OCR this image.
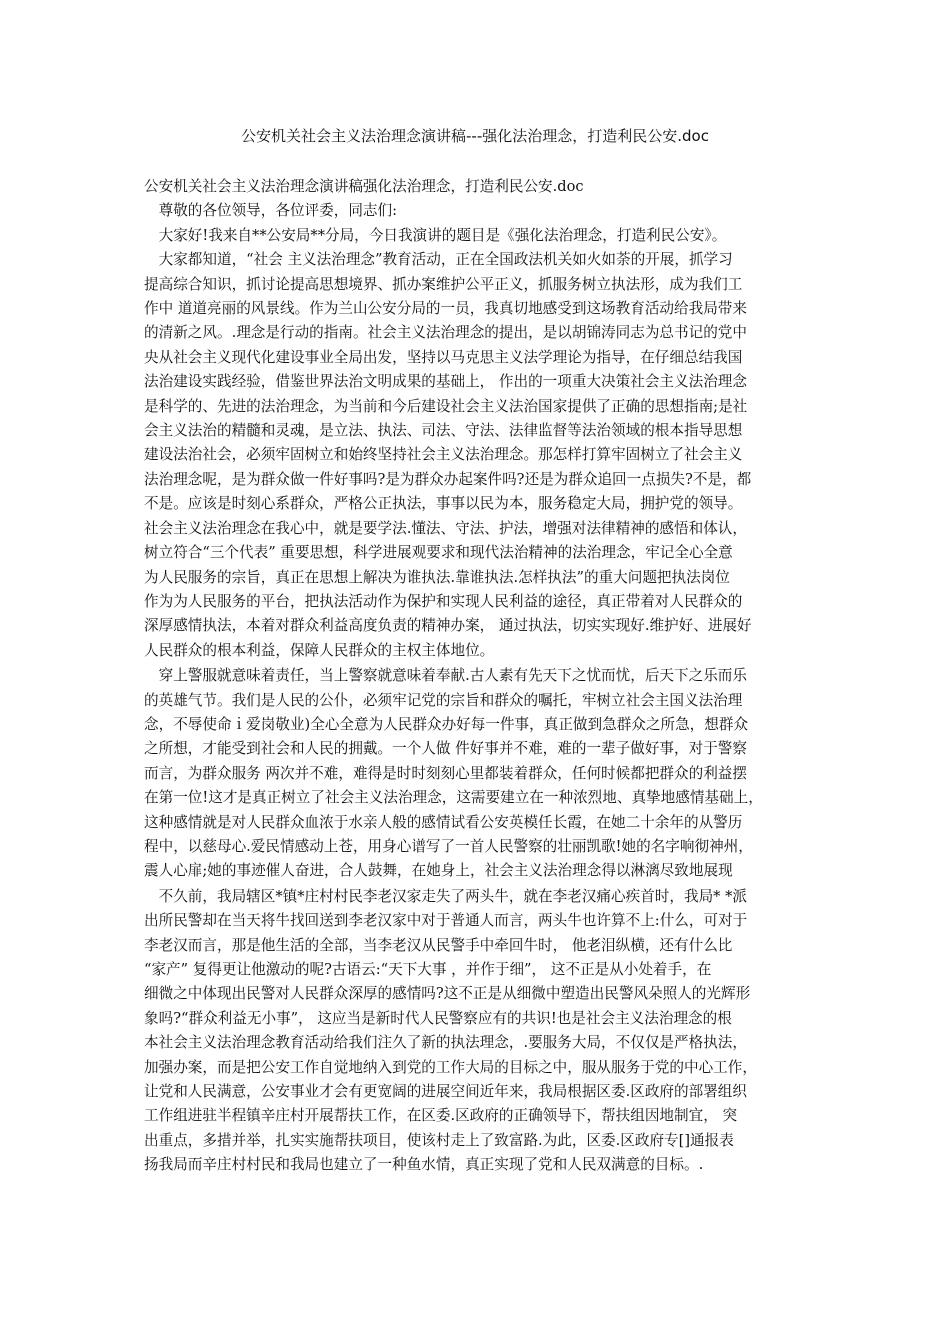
公安机关社会主义法治理念演讲稿---强化法治理念，打造利民公安.doc

公安机关社会主义法治理念演讲稿强化法治理念，打造利民公安.doc

　尊敬的各位领导，各位评委，同志们:

　大家好!我来自**公安局**分局，今日我演讲的题目是《强化法治理念，打造利民公安》。

　大家都知道，“社会 主义法治理念”教育活动，正在全国政法机关如火如荼的开展，抓学习

提高综合知识，抓讨论提高思想境界、抓办案维护公平正义，抓服务树立执法形，成为我们工

作中 道道亮丽的风景线。作为兰山公安分局的一员，我真切地感受到这场教育活动给我局带来

的清新之风。.理念是行动的指南。社会主义法治理念的提出，是以胡锦涛同志为总书记的党中

央从社会主义现代化建设事业全局出发，坚持以马克思主义法学理论为指导，在仔细总结我国

法治建设实践经验，借鉴世界法治文明成果的基础上， 作出的一项重大决策社会主义法治理念

是科学的、先进的法治理念，为当前和今后建设社会主义法治国家提供了正确的思想指南;是社

会主义法治的精髓和灵魂，是立法、执法、司法、守法、法律监督等法治领域的根本指导思想

建设法治社会，必须牢固树立和始终坚持社会主义法治理念。那怎样打算牢固树立了社会主义

法治理念呢，是为群众做一件好事吗?是为群众办起案件吗?还是为群众追回一点损失?不是，都

不是。应该是时刻心系群众，严格公正执法，事事以民为本，服务稳定大局，拥护党的领导。

社会主义法治理念在我心中，就是要学法.懂法、守法、护法，增强对法律精神的感悟和体认，

树立符合“三个代表” 重要思想，科学进展观要求和现代法治精神的法治理念，牢记全心全意

为人民服务的宗旨，真正在思想上解决为谁执法.靠谁执法.怎样执法”的重大问题把执法岗位

作为为人民服务的平台，把执法活动作为保护和实现人民利益的途径，真正带着对人民群众的

深厚感情执法，本着对群众利益高度负责的精神办案， 通过执法，切实实现好.维护好、进展好

人民群众的根本利益，保障人民群众的主权主体地位。

　穿上警服就意味着责任，当上警察就意味着奉献.古人素有先天下之忧而忧，后天下之乐而乐

的英雄气节。我们是人民的公仆，必须牢记党的宗旨和群众的嘱托，牢树立社会主国义法治理

念，不辱使命ｉ爱岗敬业)全心全意为人民群众办好每一件事，真正做到急群众之所急，想群众

之所想，才能受到社会和人民的拥戴。一个人做 件好事并不难，难的一辈子做好事，对于警察

而言，为群众服务 两次并不难，难得是时时刻刻心里都装着群众，任何时候都把群众的利益摆

在第一位!这才是真正树立了社会主义法治理念，这需要建立在一种浓烈地、真挚地感情基础上，

这种感情就是对人民群众血浓于水亲人般的感情试看公安英模任长霞，在她二十余年的从警历

程中，以慈母心.爱民情感动上苍，用身心谱写了一首人民警察的壮丽凯歌!她的名字响彻神州，

震人心扉;她的事迹催人奋进，合人鼓舞，在她身上，社会主义法治理念得以淋漓尽致地展现

　不久前，我局辖区*镇*庄村村民李老汉家走失了两头牛，就在李老汉痛心疾首时，我局* *派

出所民警却在当天将牛找回送到李老汉家中对于普通人而言，两头牛也许算不上:什么，可对于

李老汉而言，那是他生活的全部，当李老汉从民警手中牵回牛时， 他老泪纵横，还有什么比

“家产” 复得更让他激动的呢?古语云:“天下大事 ，并作于细”， 这不正是从小处着手，在

细微之中体现出民警对人民群众深厚的感情吗?这不正是从细微中塑造出民警风朵照人的光辉形

象吗?“群众利益无小事”， 这应当是新时代人民警察应有的共识!也是社会主义法治理念的根

本社会主义法治理念教育活动给我们注久了新的执法理念，.要服务大局，不仅仅是严格执法，

加强办案，而是把公安工作自觉地纳入到党的工作大局的目标之中，服从服务于党的中心工作，

让党和人民满意，公安事业才会有更宽阔的进展空间近年来，我局根据区委.区政府的部署组织

工作组进驻半程镇辛庄村开展帮扶工作，在区委.区政府的正确领导下，帮扶组因地制宜， 突

出重点，多措并举，扎实实施帮扶项目，使该村走上了致富路.为此，区委.区政府专[]通报表

扬我局而辛庄村村民和我局也建立了一种鱼水情，真正实现了党和人民双满意的目标。.
